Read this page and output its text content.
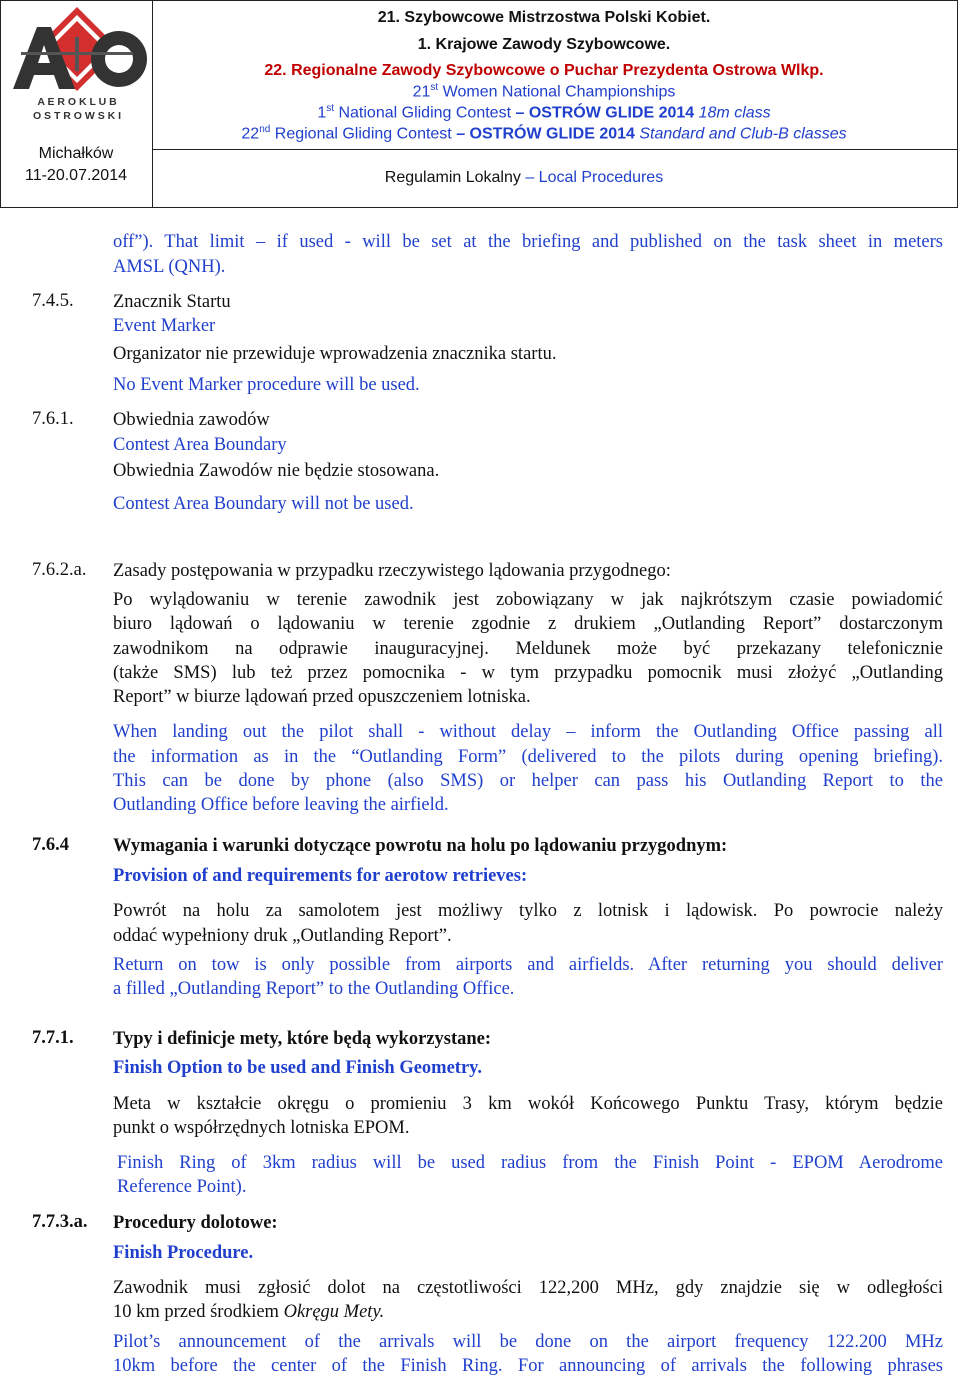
A E R O K L U B
O S T R O W S K I
Michałków
11-20.07.2014
21. Szybowcowe Mistrzostwa Polski Kobiet.
1. Krajowe Zawody Szybowcowe.
22. Regionalne Zawody Szybowcowe o Puchar Prezydenta Ostrowa Wlkp.
21st Women National Championships
1st National Gliding Contest – OSTRÓW GLIDE 2014 18m class
22nd Regional Gliding Contest – OSTRÓW GLIDE 2014 Standard and Club-B classes
Regulamin Lokalny – Local Procedures
off”). That limit – if used - will be set at the briefing and published on the task sheet in meters
AMSL (QNH).
7.4.5. Znacznik Startu
Event Marker
Organizator nie przewiduje wprowadzenia znacznika startu.
No Event Marker procedure will be used.
7.6.1. Obwiednia zawodów
Contest Area Boundary
Obwiednia Zawodów nie będzie stosowana.
Contest Area Boundary will not be used.
7.6.2.a. Zasady postępowania w przypadku rzeczywistego lądowania przygodnego:
Po wylądowaniu w terenie zawodnik jest zobowiązany w jak najkrótszym czasie powiadomić
biuro lądowań o lądowaniu w terenie zgodnie z drukiem „Outlanding Report” dostarczonym
zawodnikom na odprawie inauguracyjnej. Meldunek może być przekazany telefonicznie
(także SMS) lub też przez pomocnika - w tym przypadku pomocnik musi złożyć „Outlanding
Report” w biurze lądowań przed opuszczeniem lotniska.
When landing out the pilot shall - without delay – inform the Outlanding Office passing all
the information as in the “Outlanding Form” (delivered to the pilots during opening briefing).
This can be done by phone (also SMS) or helper can pass his Outlanding Report to the
Outlanding Office before leaving the airfield.
7.6.4 Wymagania i warunki dotyczące powrotu na holu po lądowaniu przygodnym:
Provision of and requirements for aerotow retrieves:
Powrót na holu za samolotem jest możliwy tylko z lotnisk i lądowisk. Po powrocie należy
oddać wypełniony druk „Outlanding Report”.
Return on tow is only possible from airports and airfields. After returning you should deliver
a filled „Outlanding Report” to the Outlanding Office.
7.7.1. Typy i definicje mety, które będą wykorzystane:
Finish Option to be used and Finish Geometry.
Meta w kształcie okręgu o promieniu 3 km wokół Końcowego Punktu Trasy, którym będzie
punkt o współrzędnych lotniska EPOM.
Finish Ring of 3km radius will be used radius from the Finish Point - EPOM Aerodrome
Reference Point).
7.7.3.a. Procedury dolotowe:
Finish Procedure.
Zawodnik musi zgłosić dolot na częstotliwości 122,200 MHz, gdy znajdzie się w odległości
10 km przed środkiem Okręgu Mety.
Pilot’s announcement of the arrivals will be done on the airport frequency 122.200 MHz
10km before the center of the Finish Ring. For announcing of arrivals the following phrases
